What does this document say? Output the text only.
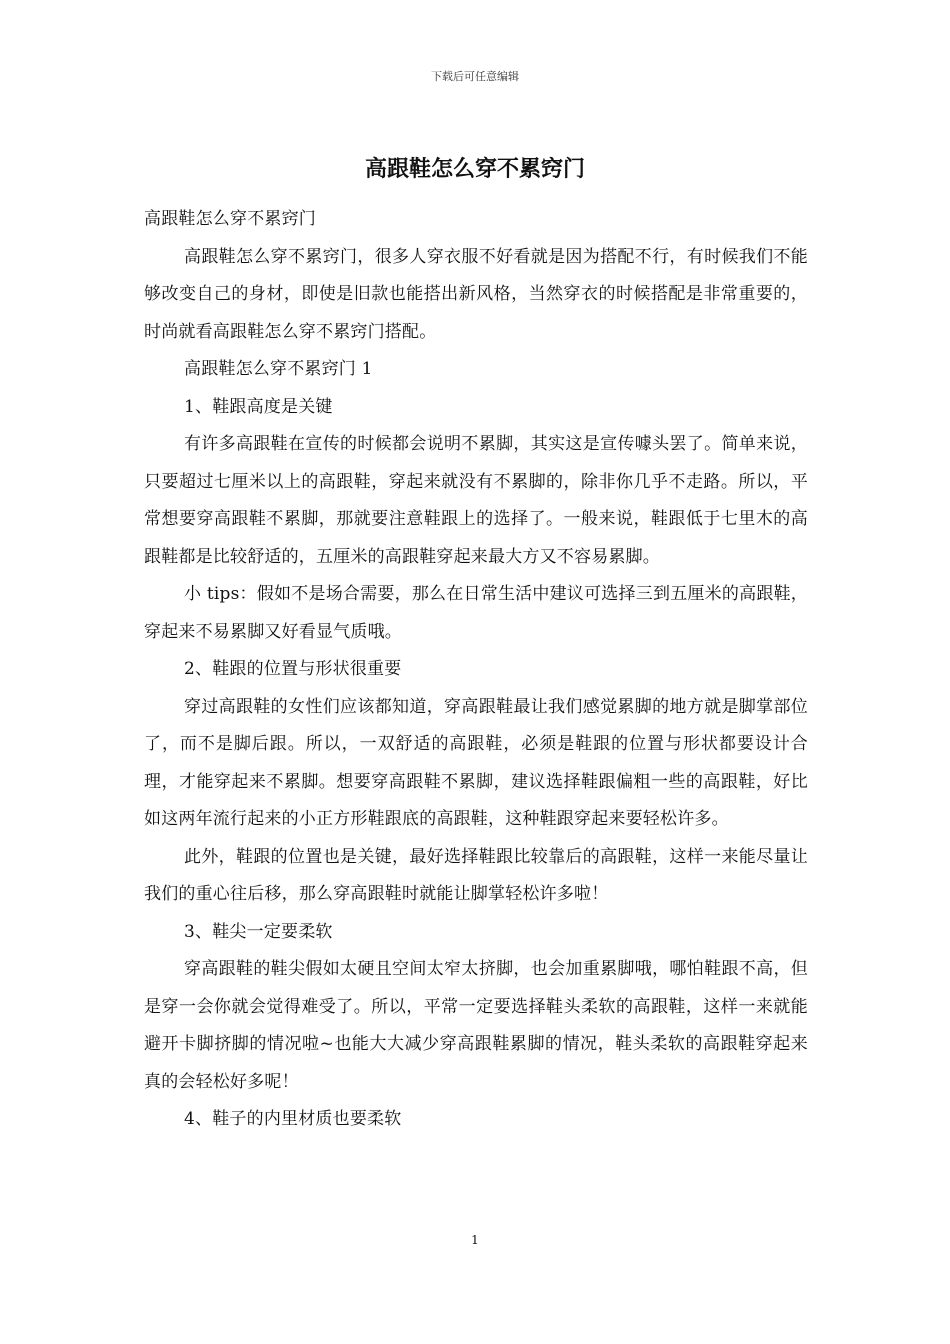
下载后可任意编辑
高跟鞋怎么穿不累窍门

高跟鞋怎么穿不累窍门

高跟鞋怎么穿不累窍门，很多人穿衣服不好看就是因为搭配不行，有时候我们不能够改变自己的身材，即使是旧款也能搭出新风格，当然穿衣的时候搭配是非常重要的，时尚就看高跟鞋怎么穿不累窍门搭配。

高跟鞋怎么穿不累窍门 1

1、鞋跟高度是关键

有许多高跟鞋在宣传的时候都会说明不累脚，其实这是宣传噱头罢了。简单来说，只要超过七厘米以上的高跟鞋，穿起来就没有不累脚的，除非你几乎不走路。所以，平常想要穿高跟鞋不累脚，那就要注意鞋跟上的选择了。一般来说，鞋跟低于七里木的高跟鞋都是比较舒适的，五厘米的高跟鞋穿起来最大方又不容易累脚。

小 tips：假如不是场合需要，那么在日常生活中建议可选择三到五厘米的高跟鞋，穿起来不易累脚又好看显气质哦。

2、鞋跟的位置与形状很重要

穿过高跟鞋的女性们应该都知道，穿高跟鞋最让我们感觉累脚的地方就是脚掌部位了，而不是脚后跟。所以，一双舒适的高跟鞋，必须是鞋跟的位置与形状都要设计合理，才能穿起来不累脚。想要穿高跟鞋不累脚，建议选择鞋跟偏粗一些的高跟鞋，好比如这两年流行起来的小正方形鞋跟底的高跟鞋，这种鞋跟穿起来要轻松许多。

此外，鞋跟的位置也是关键，最好选择鞋跟比较靠后的高跟鞋，这样一来能尽量让我们的重心往后移，那么穿高跟鞋时就能让脚掌轻松许多啦！

3、鞋尖一定要柔软

穿高跟鞋的鞋尖假如太硬且空间太窄太挤脚，也会加重累脚哦，哪怕鞋跟不高，但是穿一会你就会觉得难受了。所以，平常一定要选择鞋头柔软的高跟鞋，这样一来就能避开卡脚挤脚的情况啦~也能大大减少穿高跟鞋累脚的情况，鞋头柔软的高跟鞋穿起来真的会轻松好多呢！

4、鞋子的内里材质也要柔软

1
